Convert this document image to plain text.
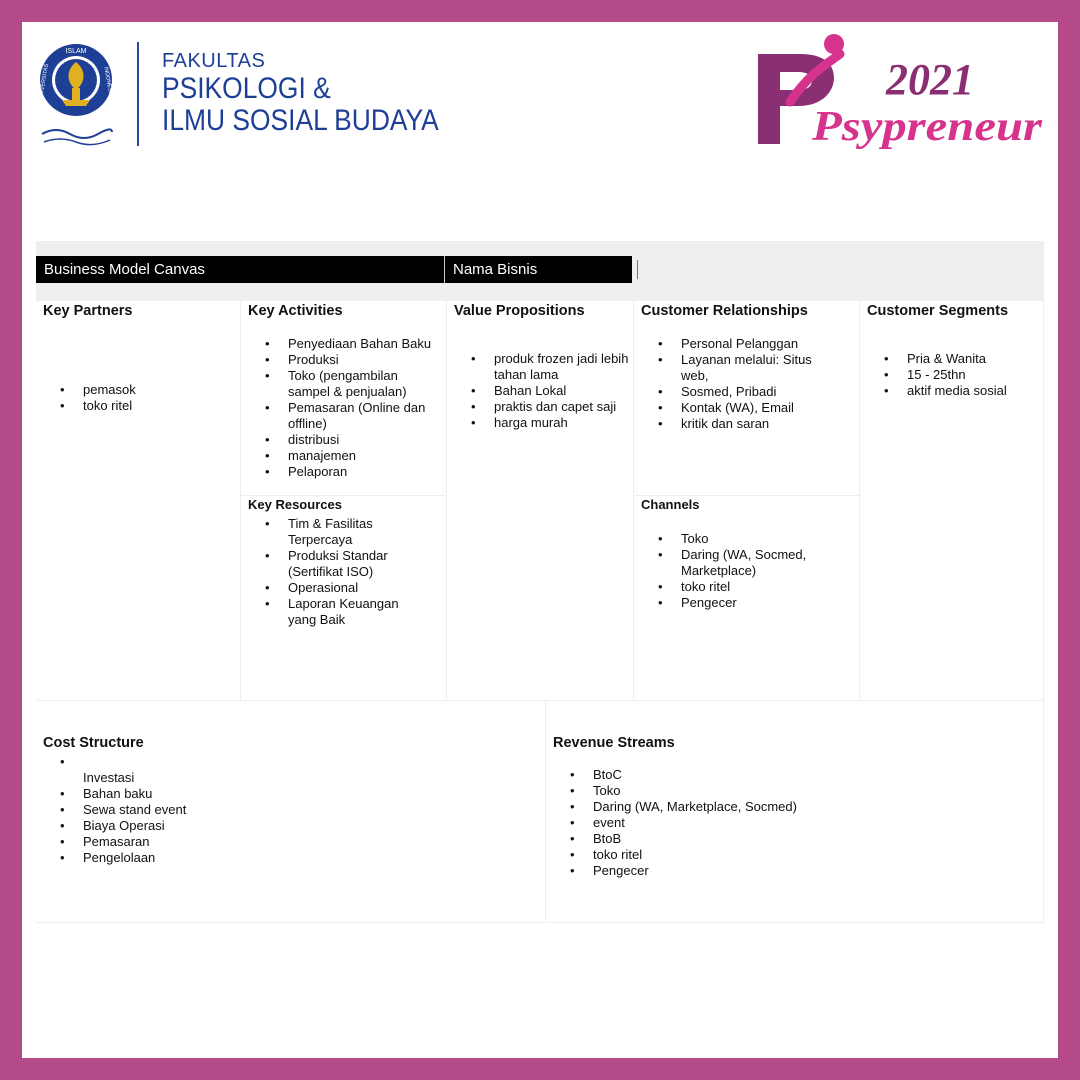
ISLAM
UNIVERSITAS	INDONESIA
FAKULTAS
PSIKOLOGI &
ILMU SOSIAL BUDAYA
2021
Psypreneur
Business Model Canvas	Nama Bisnis
Key Partners
• pemasok
• toko ritel
Key Activities
• Penyediaan Bahan Baku
• Produksi
• Toko (pengambilan sampel & penjualan)
• Pemasaran (Online dan offline)
• distribusi
• manajemen
• Pelaporan
Key Resources
• Tim & Fasilitas Terpercaya
• Produksi Standar (Sertifikat ISO)
• Operasional
• Laporan Keuangan yang Baik
Value Propositions
• produk frozen jadi lebih tahan lama
• Bahan Lokal
• praktis dan capet saji
• harga murah
Customer Relationships
• Personal Pelanggan
• Layanan melalui: Situs web,
• Sosmed, Pribadi
• Kontak (WA), Email
• kritik dan saran
Channels
• Toko
• Daring (WA, Socmed, Marketplace)
• toko ritel
• Pengecer
Customer Segments
• Pria & Wanita
• 15 - 25thn
• aktif media sosial
Cost Structure
•
Investasi
• Bahan baku
• Sewa stand event
• Biaya Operasi
• Pemasaran
• Pengelolaan
Revenue Streams
• BtoC
• Toko
• Daring (WA, Marketplace, Socmed)
• event
• BtoB
• toko ritel
• Pengecer
